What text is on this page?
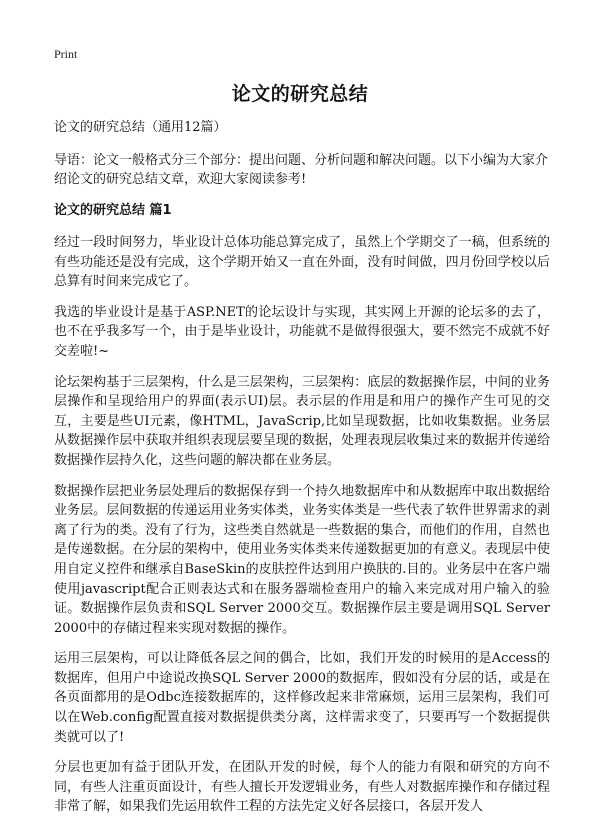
Print
论文的研究总结

论文的研究总结（通用12篇）

导语：论文一般格式分三个部分：提出问题、分析问题和解决问题。以下小编为大家介绍论文的研究总结文章，欢迎大家阅读参考!

论文的研究总结 篇1

经过一段时间努力，毕业设计总体功能总算完成了，虽然上个学期交了一稿，但系统的有些功能还是没有完成，这个学期开始又一直在外面，没有时间做，四月份回学校以后总算有时间来完成它了。

我选的毕业设计是基于ASP.NET的论坛设计与实现，其实网上开源的论坛多的去了，也不在乎我多写一个，由于是毕业设计，功能就不是做得很强大，要不然完不成就不好交差啦!~

论坛架构基于三层架构，什么是三层架构，三层架构：底层的数据操作层，中间的业务层操作和呈现给用户的界面(表示UI)层。表示层的作用是和用户的操作产生可见的交互，主要是些UI元素，像HTML，JavaScrip,比如呈现数据，比如收集数据。业务层从数据操作层中获取并组织表现层要呈现的数据，处理表现层收集过来的数据并传递给数据操作层持久化，这些问题的解决都在业务层。

数据操作层把业务层处理后的数据保存到一个持久地数据库中和从数据库中取出数据给业务层。层间数据的传递运用业务实体类，业务实体类是一些代表了软件世界需求的剥离了行为的类。没有了行为，这些类自然就是一些数据的集合，而他们的作用，自然也是传递数据。在分层的架构中，使用业务实体类来传递数据更加的有意义。表现层中使用自定义控件和继承自BaseSkin的皮肤控件达到用户换肤的.目的。业务层中在客户端使用javascript配合正则表达式和在服务器端检查用户的输入来完成对用户输入的验证。数据操作层负责和SQL Server 2000交互。数据操作层主要是调用SQL Server 2000中的存储过程来实现对数据的操作。

运用三层架构，可以让降低各层之间的偶合，比如，我们开发的时候用的是Access的数据库，但用户中途说改换SQL Server 2000的数据库，假如没有分层的话，或是在各页面都用的是Odbc连接数据库的，这样修改起来非常麻烦，运用三层架构，我们可以在Web.config配置直接对数据提供类分离，这样需求变了，只要再写一个数据提供类就可以了!

分层也更加有益于团队开发，在团队开发的时候，每个人的能力有限和研究的方向不同，有些人注重页面设计，有些人擅长开发逻辑业务，有些人对数据库操作和存储过程非常了解，如果我们先运用软件工程的方法先定义好各层接口，各层开发人
